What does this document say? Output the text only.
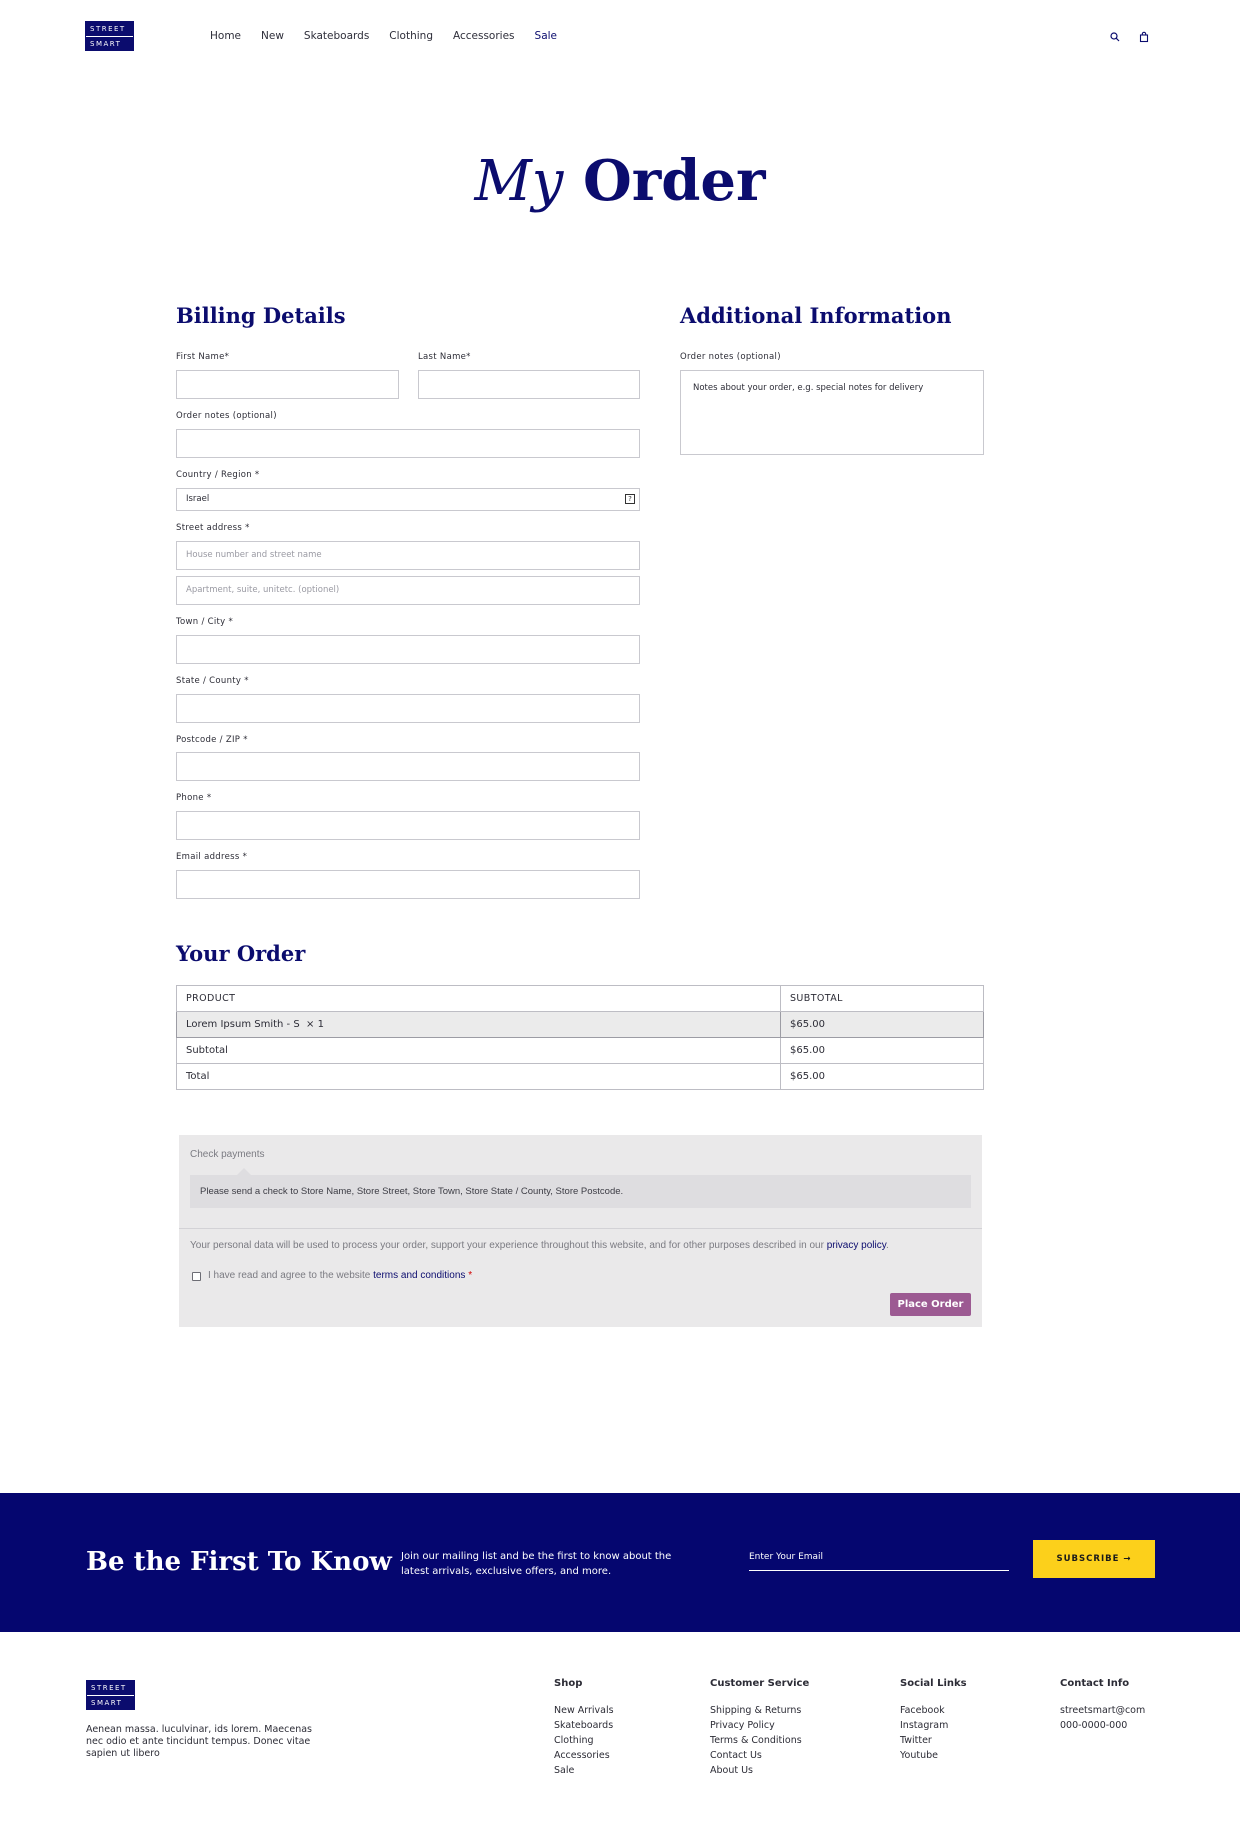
STREET
SMART
Home New Skateboards Clothing Accessories Sale
My Order
Billing Details
First Name*	Last Name*
Order notes (optional)
Country / Region *
Israel	?
Street address *
House number and street name
Apartment, suite, unitetc. (optionel)
Town / City *
State / County *
Postcode / ZIP *
Phone *
Email address *
Additional Information
Order notes (optional)
Notes about your order, e.g. special notes for delivery
Your Order
PRODUCT	SUBTOTAL
Lorem Ipsum Smith - S × 1	$65.00
Subtotal	$65.00
Total	$65.00
Check payments
Please send a check to Store Name, Store Street, Store Town, Store State / County, Store Postcode.
Your personal data will be used to process your order, support your experience throughout this website, and for other purposes described in our privacy policy.
I have read and agree to the website terms and conditions *
Place Order
Be the First To Know Join our mailing list and be the first to know about the latest arrivals, exclusive offers, and more.
Enter Your Email	SUBSCRIBE →
STREET
SMART
Aenean massa. luculvinar, ids lorem. Maecenas nec odio et ante tincidunt tempus. Donec vitae sapien ut libero
Shop
New Arrivals
Skateboards
Clothing
Accessories
Sale
Customer Service
Shipping & Returns
Privacy Policy
Terms & Conditions
Contact Us
About Us
Social Links
Facebook
Instagram
Twitter
Youtube
Contact Info
streetsmart@com
000-0000-000
